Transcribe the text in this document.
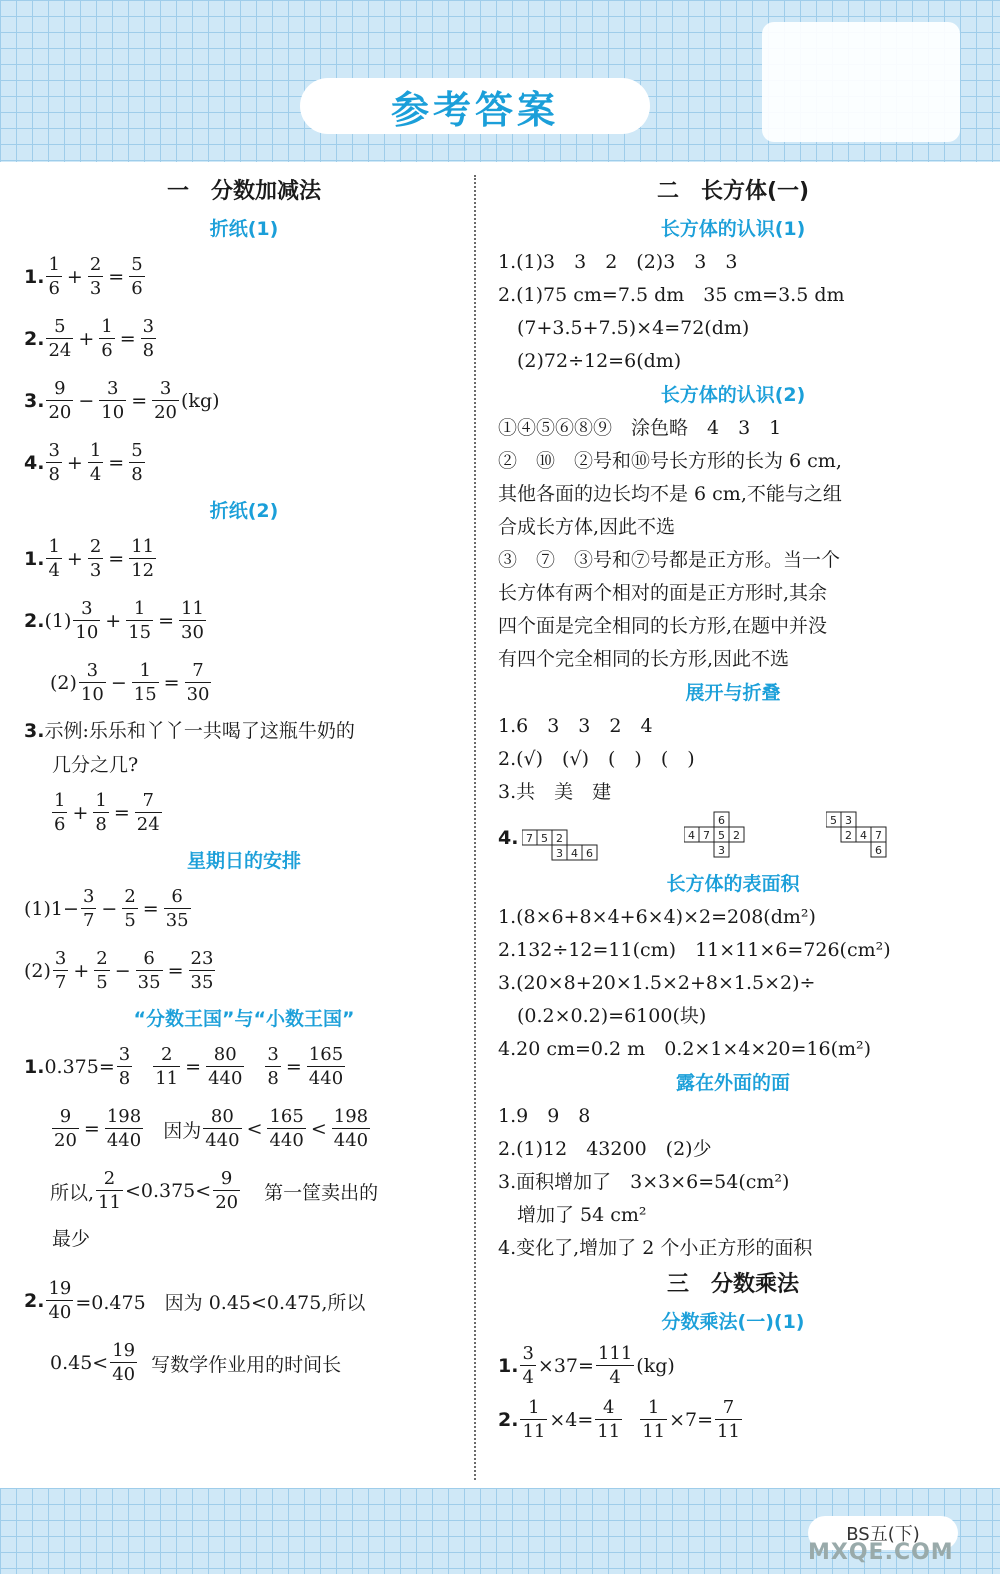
参考答案
一　分数加减法
折纸(1)
1.
1
6
+ $\frac{2}{3} = \frac{5}{6}$
2.
5
24
+ $\frac{1}{6} = \frac{3}{8}$
3.
9
20
− $\frac{3}{10} = \frac{3}{20} (kg)$
4.
3
8
+ $\frac{1}{4} = \frac{5}{8}$
折纸(2)
1.
1
4
+ $\frac{2}{3} = \frac{11}{12}$
2. (1)
3
10
+ $\frac{1}{15} = \frac{11}{30}$
(2)
3
10
− $\frac{1}{15} = \frac{7}{30}$
3.示例:乐乐和丫丫一共喝了这瓶牛奶的
几分之几?
1
6
+ $\frac{1}{8} = \frac{7}{24}$
星期日的安排
(1) $1- \frac{3}{7} - \frac{2}{5} = \frac{6}{35}$
(2)
3
7
+ $\frac{2}{5} - \frac{6}{35} = \frac{23}{35}$
“分数王国”与“小数王国”
1. $0.375= \frac{3}{8} \frac{2}{11} = \frac{80}{440} \frac{3}{8} = \frac{165}{440}$
$\frac{9}{20} = \frac{198}{440}$ 因为
80
440
<
165
440
<
198
440
所以,
2
11
<0.375<
9
20 第一筐卖出的
最少
2. $\frac{19}{40} =0.475$　因为 0.45<0.475,所以
0.45<
19
40 写数学作业用的时间长
二　长方体(一)
长方体的认识(1)
1.(1)3　3　2　(2)3　3　3
2.(1)75 cm=7.5 dm　35 cm=3.5 dm
　(7+3.5+7.5)×4=72(dm)
　(2)72÷12=6(dm)
长方体的认识(2)
①④⑤⑥⑧⑨　涂色略　4　3　1
②　⑩　②号和⑩号长方形的长为 6 cm,
其他各面的边长均不是 6 cm,不能与之组
合成长方体,因此不选
③　⑦　③号和⑦号都是正方形。当一个
长方体有两个相对的面是正方形时,其余
四个面是完全相同的长方形,在题中并没
有四个完全相同的长方形,因此不选
展开与折叠
1.6　3　3　2　4
2.(√)　(√)　(　)　(　)
3.共　美　建
4. 7 5 2
3 4 6
6
4 7 5 2
3
5 3
2 4 7
6
长方体的表面积
1.(8×6+8×4+6×4)×2=208(dm²)
2.132÷12=11(cm)　11×11×6=726(cm²)
3.(20×8+20×1.5×2+8×1.5×2)÷
　(0.2×0.2)=6100(块)
4.20 cm=0.2 m　0.2×1×4×20=16(m²)
露在外面的面
1.9　9　8
2.(1)12　43200　(2)少
3.面积增加了　3×3×6=54(cm²)
　增加了 54 cm²
4.变化了,增加了 2 个小正方形的面积
三　分数乘法
分数乘法(一)(1)
1. $\frac{3}{4} \times 37= \frac{111}{4} (kg)$
2. $\frac{1}{11} \times 4= \frac{4}{11} \frac{1}{11} \times 7= \frac{7}{11}$
BS五(下)
MXQE.COM
